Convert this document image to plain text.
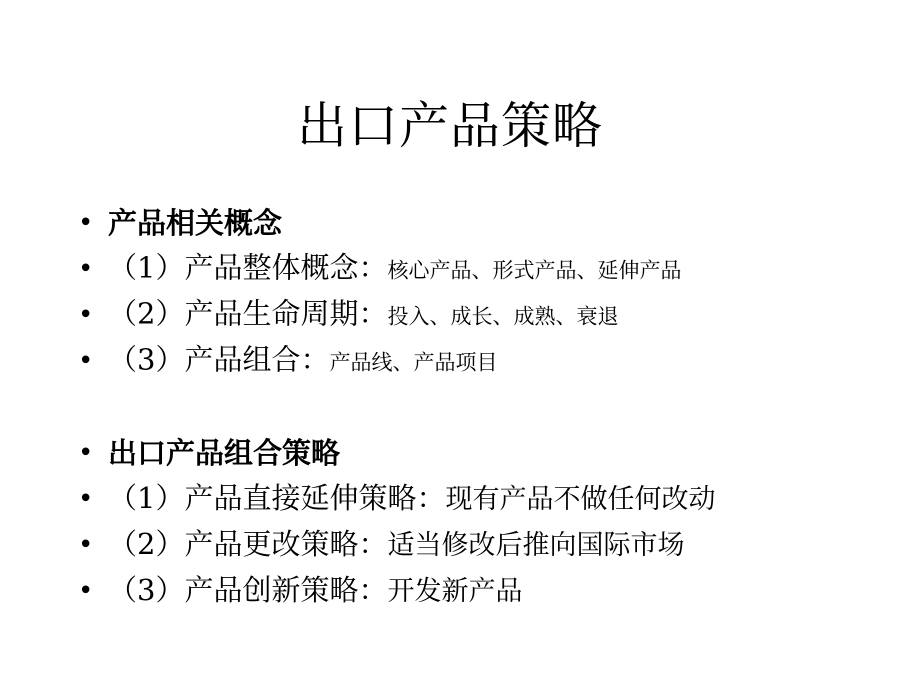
出口产品策略
• 产品相关概念
• （1）产品整体概念：核心产品、形式产品、延伸产品
• （2）产品生命周期：投入、成长、成熟、衰退
• （3）产品组合：产品线、产品项目
• 出口产品组合策略
• （1）产品直接延伸策略：现有产品不做任何改动
• （2）产品更改策略：适当修改后推向国际市场
• （3）产品创新策略：开发新产品
